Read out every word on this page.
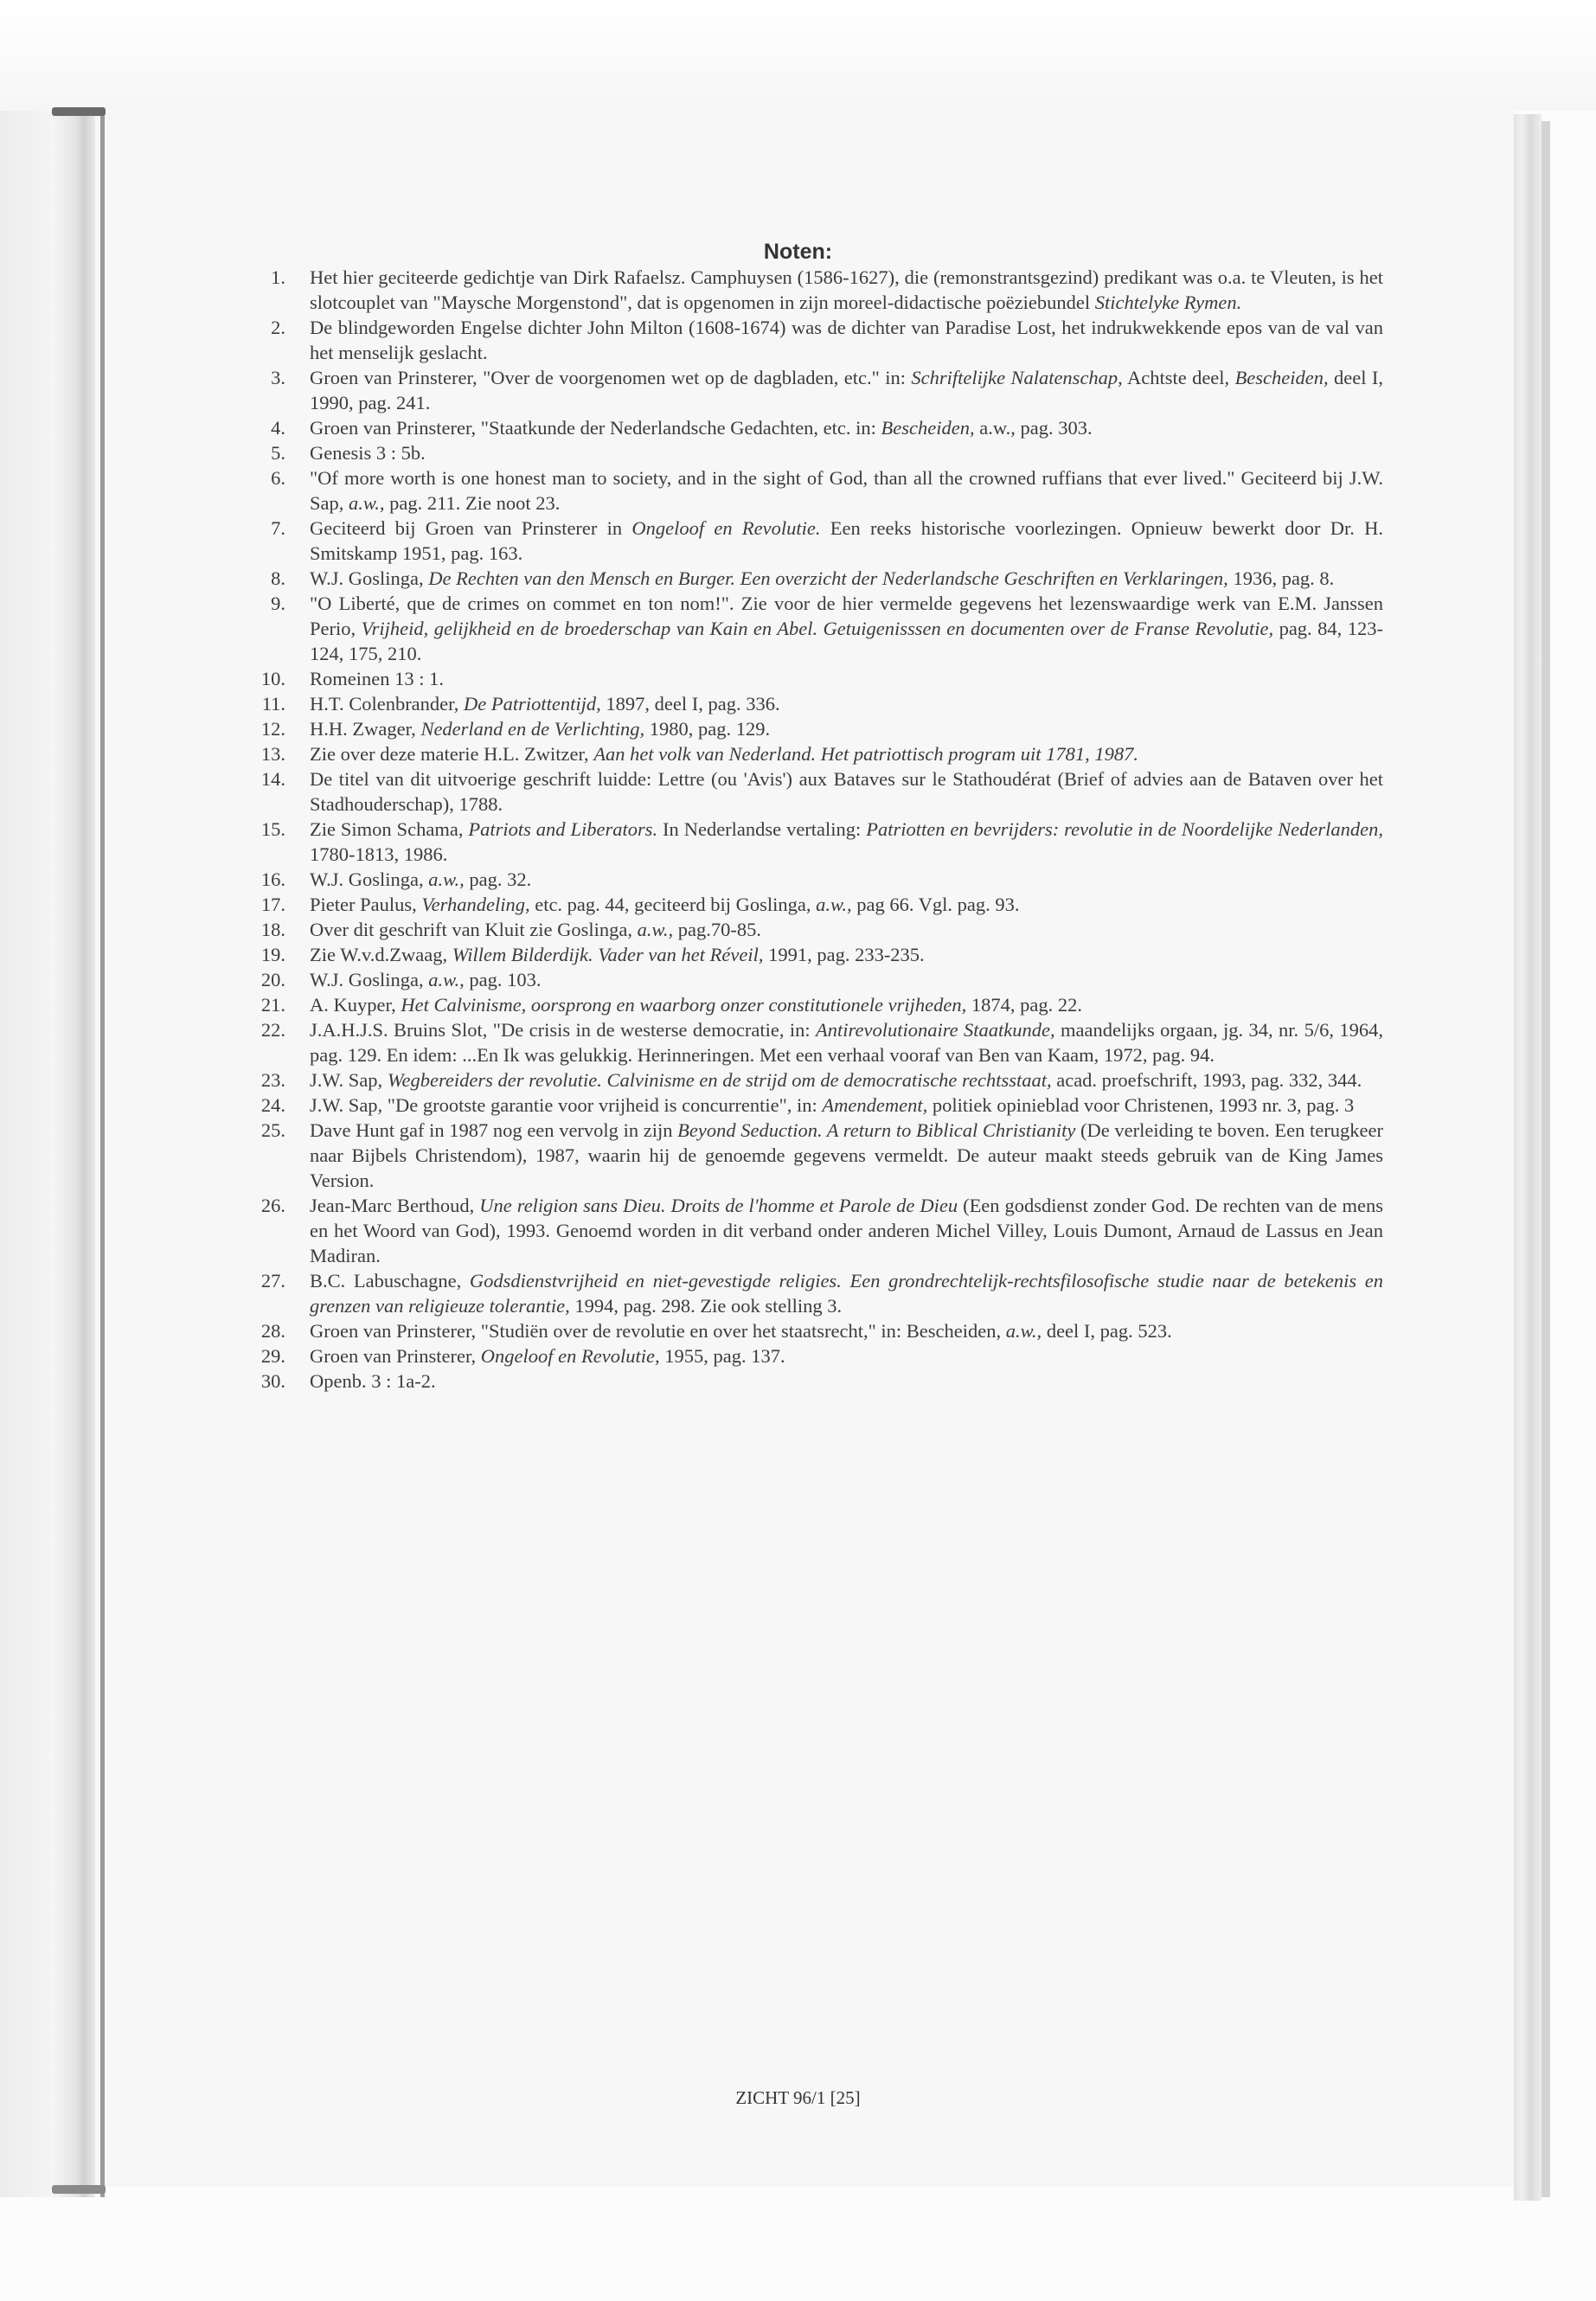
Noten:
1. Het hier geciteerde gedichtje van Dirk Rafaelsz. Camphuysen (1586-1627), die (remonstrantsgezind) predikant was o.a. te Vleuten, is het slotcouplet van "Maysche Morgenstond", dat is opgenomen in zijn moreel-didactische poëziebundel Stichtelyke Rymen.
2. De blindgeworden Engelse dichter John Milton (1608-1674) was de dichter van Paradise Lost, het indrukwekkende epos van de val van het menselijk geslacht.
3. Groen van Prinsterer, "Over de voorgenomen wet op de dagbladen, etc." in: Schriftelijke Nalatenschap, Achtste deel, Bescheiden, deel I, 1990, pag. 241.
4. Groen van Prinsterer, "Staatkunde der Nederlandsche Gedachten, etc. in: Bescheiden, a.w., pag. 303.
5. Genesis 3 : 5b.
6. "Of more worth is one honest man to society, and in the sight of God, than all the crowned ruffians that ever lived." Geciteerd bij J.W. Sap, a.w., pag. 211. Zie noot 23.
7. Geciteerd bij Groen van Prinsterer in Ongeloof en Revolutie. Een reeks historische voorlezingen. Opnieuw bewerkt door Dr. H. Smitskamp 1951, pag. 163.
8. W.J. Goslinga, De Rechten van den Mensch en Burger. Een overzicht der Nederlandsche Geschriften en Verklaringen, 1936, pag. 8.
9. "O Liberté, que de crimes on commet en ton nom!". Zie voor de hier vermelde gegevens het lezenswaardige werk van E.M. Janssen Perio, Vrijheid, gelijkheid en de broederschap van Kain en Abel. Getuigenisssen en documenten over de Franse Revolutie, pag. 84, 123-124, 175, 210.
10. Romeinen 13 : 1.
11. H.T. Colenbrander, De Patriottentijd, 1897, deel I, pag. 336.
12. H.H. Zwager, Nederland en de Verlichting, 1980, pag. 129.
13. Zie over deze materie H.L. Zwitzer, Aan het volk van Nederland. Het patriottisch program uit 1781, 1987.
14. De titel van dit uitvoerige geschrift luidde: Lettre (ou 'Avis') aux Bataves sur le Stathoudérat (Brief of advies aan de Bataven over het Stadhouderschap), 1788.
15. Zie Simon Schama, Patriots and Liberators. In Nederlandse vertaling: Patriotten en bevrijders: revolutie in de Noordelijke Nederlanden, 1780-1813, 1986.
16. W.J. Goslinga, a.w., pag. 32.
17. Pieter Paulus, Verhandeling, etc. pag. 44, geciteerd bij Goslinga, a.w., pag 66. Vgl. pag. 93.
18. Over dit geschrift van Kluit zie Goslinga, a.w., pag.70-85.
19. Zie W.v.d.Zwaag, Willem Bilderdijk. Vader van het Réveil, 1991, pag. 233-235.
20. W.J. Goslinga, a.w., pag. 103.
21. A. Kuyper, Het Calvinisme, oorsprong en waarborg onzer constitutionele vrijheden, 1874, pag. 22.
22. J.A.H.J.S. Bruins Slot, "De crisis in de westerse democratie, in: Antirevolutionaire Staatkunde, maandelijks orgaan, jg. 34, nr. 5/6, 1964, pag. 129. En idem: ...En Ik was gelukkig. Herinneringen. Met een verhaal vooraf van Ben van Kaam, 1972, pag. 94.
23. J.W. Sap, Wegbereiders der revolutie. Calvinisme en de strijd om de democratische rechtsstaat, acad. proefschrift, 1993, pag. 332, 344.
24. J.W. Sap, "De grootste garantie voor vrijheid is concurrentie", in: Amendement, politiek opinieblad voor Christenen, 1993 nr. 3, pag. 3
25. Dave Hunt gaf in 1987 nog een vervolg in zijn Beyond Seduction. A return to Biblical Christianity (De verleiding te boven. Een terugkeer naar Bijbels Christendom), 1987, waarin hij de genoemde gegevens vermeldt. De auteur maakt steeds gebruik van de King James Version.
26. Jean-Marc Berthoud, Une religion sans Dieu. Droits de l'homme et Parole de Dieu (Een godsdienst zonder God. De rechten van de mens en het Woord van God), 1993. Genoemd worden in dit verband onder anderen Michel Villey, Louis Dumont, Arnaud de Lassus en Jean Madiran.
27. B.C. Labuschagne, Godsdienstvrijheid en niet-gevestigde religies. Een grondrechtelijk-rechtsfilosofische studie naar de betekenis en grenzen van religieuze tolerantie, 1994, pag. 298. Zie ook stelling 3.
28. Groen van Prinsterer, "Studiën over de revolutie en over het staatsrecht," in: Bescheiden, a.w., deel I, pag. 523.
29. Groen van Prinsterer, Ongeloof en Revolutie, 1955, pag. 137.
30. Openb. 3 : 1a-2.
ZICHT 96/1 [25]
